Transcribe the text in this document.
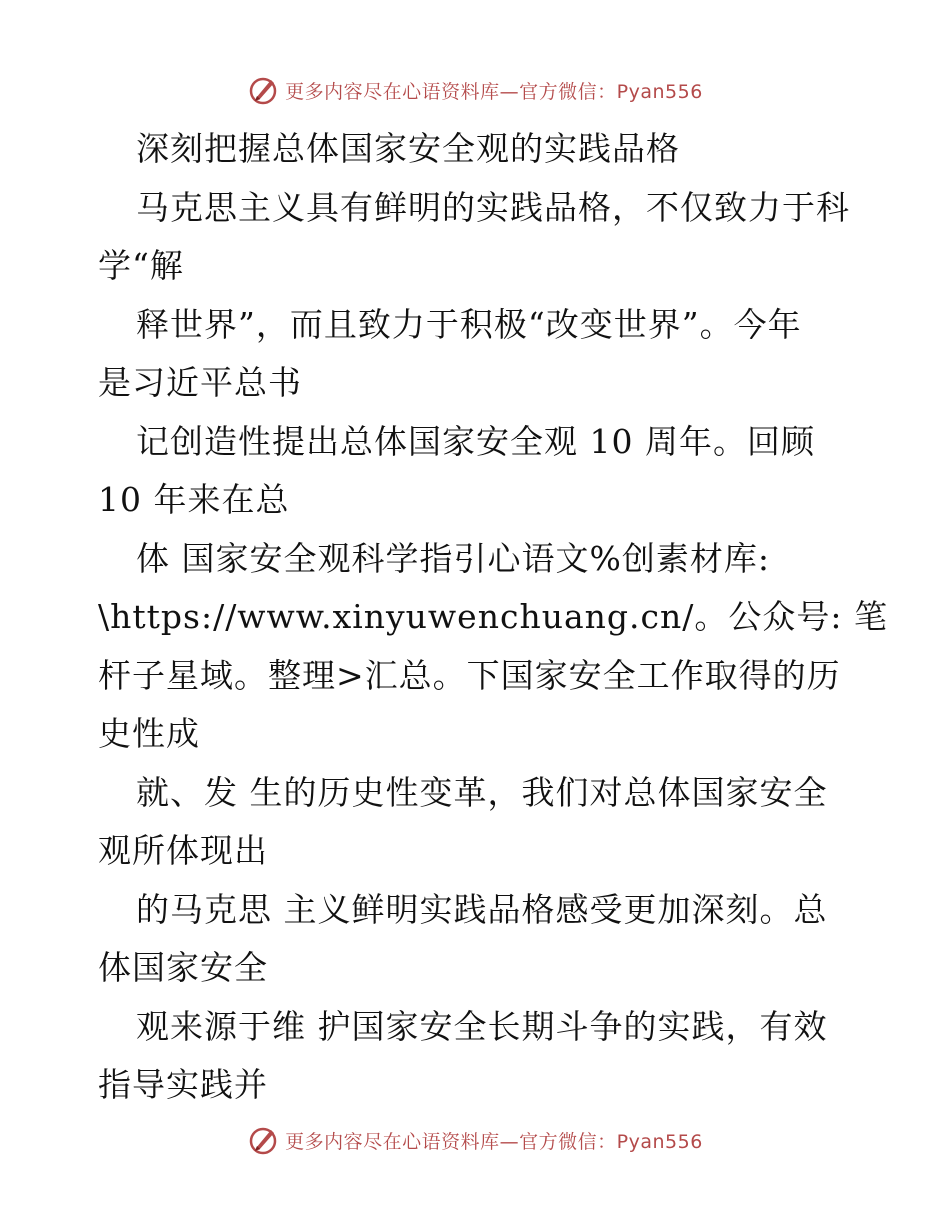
更多内容尽在心语资料库—官方微信：Pyan556
深刻把握总体国家安全观的实践品格
马克思主义具有鲜明的实践品格，不仅致力于科
学“解
释世界”，而且致力于积极“改变世界”。今年
是习近平总书
记创造性提出总体国家安全观 10 周年。回顾
10 年来在总
体 国家安全观科学指引心语文%创素材库:
\https://www.xinyuwenchuang.cn/。公众号: 笔
杆子星域。整理>汇总。下国家安全工作取得的历
史性成
就、发 生的历史性变革，我们对总体国家安全
观所体现出
的马克思 主义鲜明实践品格感受更加深刻。总
体国家安全
观来源于维 护国家安全长期斗争的实践，有效
指导实践并
更多内容尽在心语资料库—官方微信：Pyan556
